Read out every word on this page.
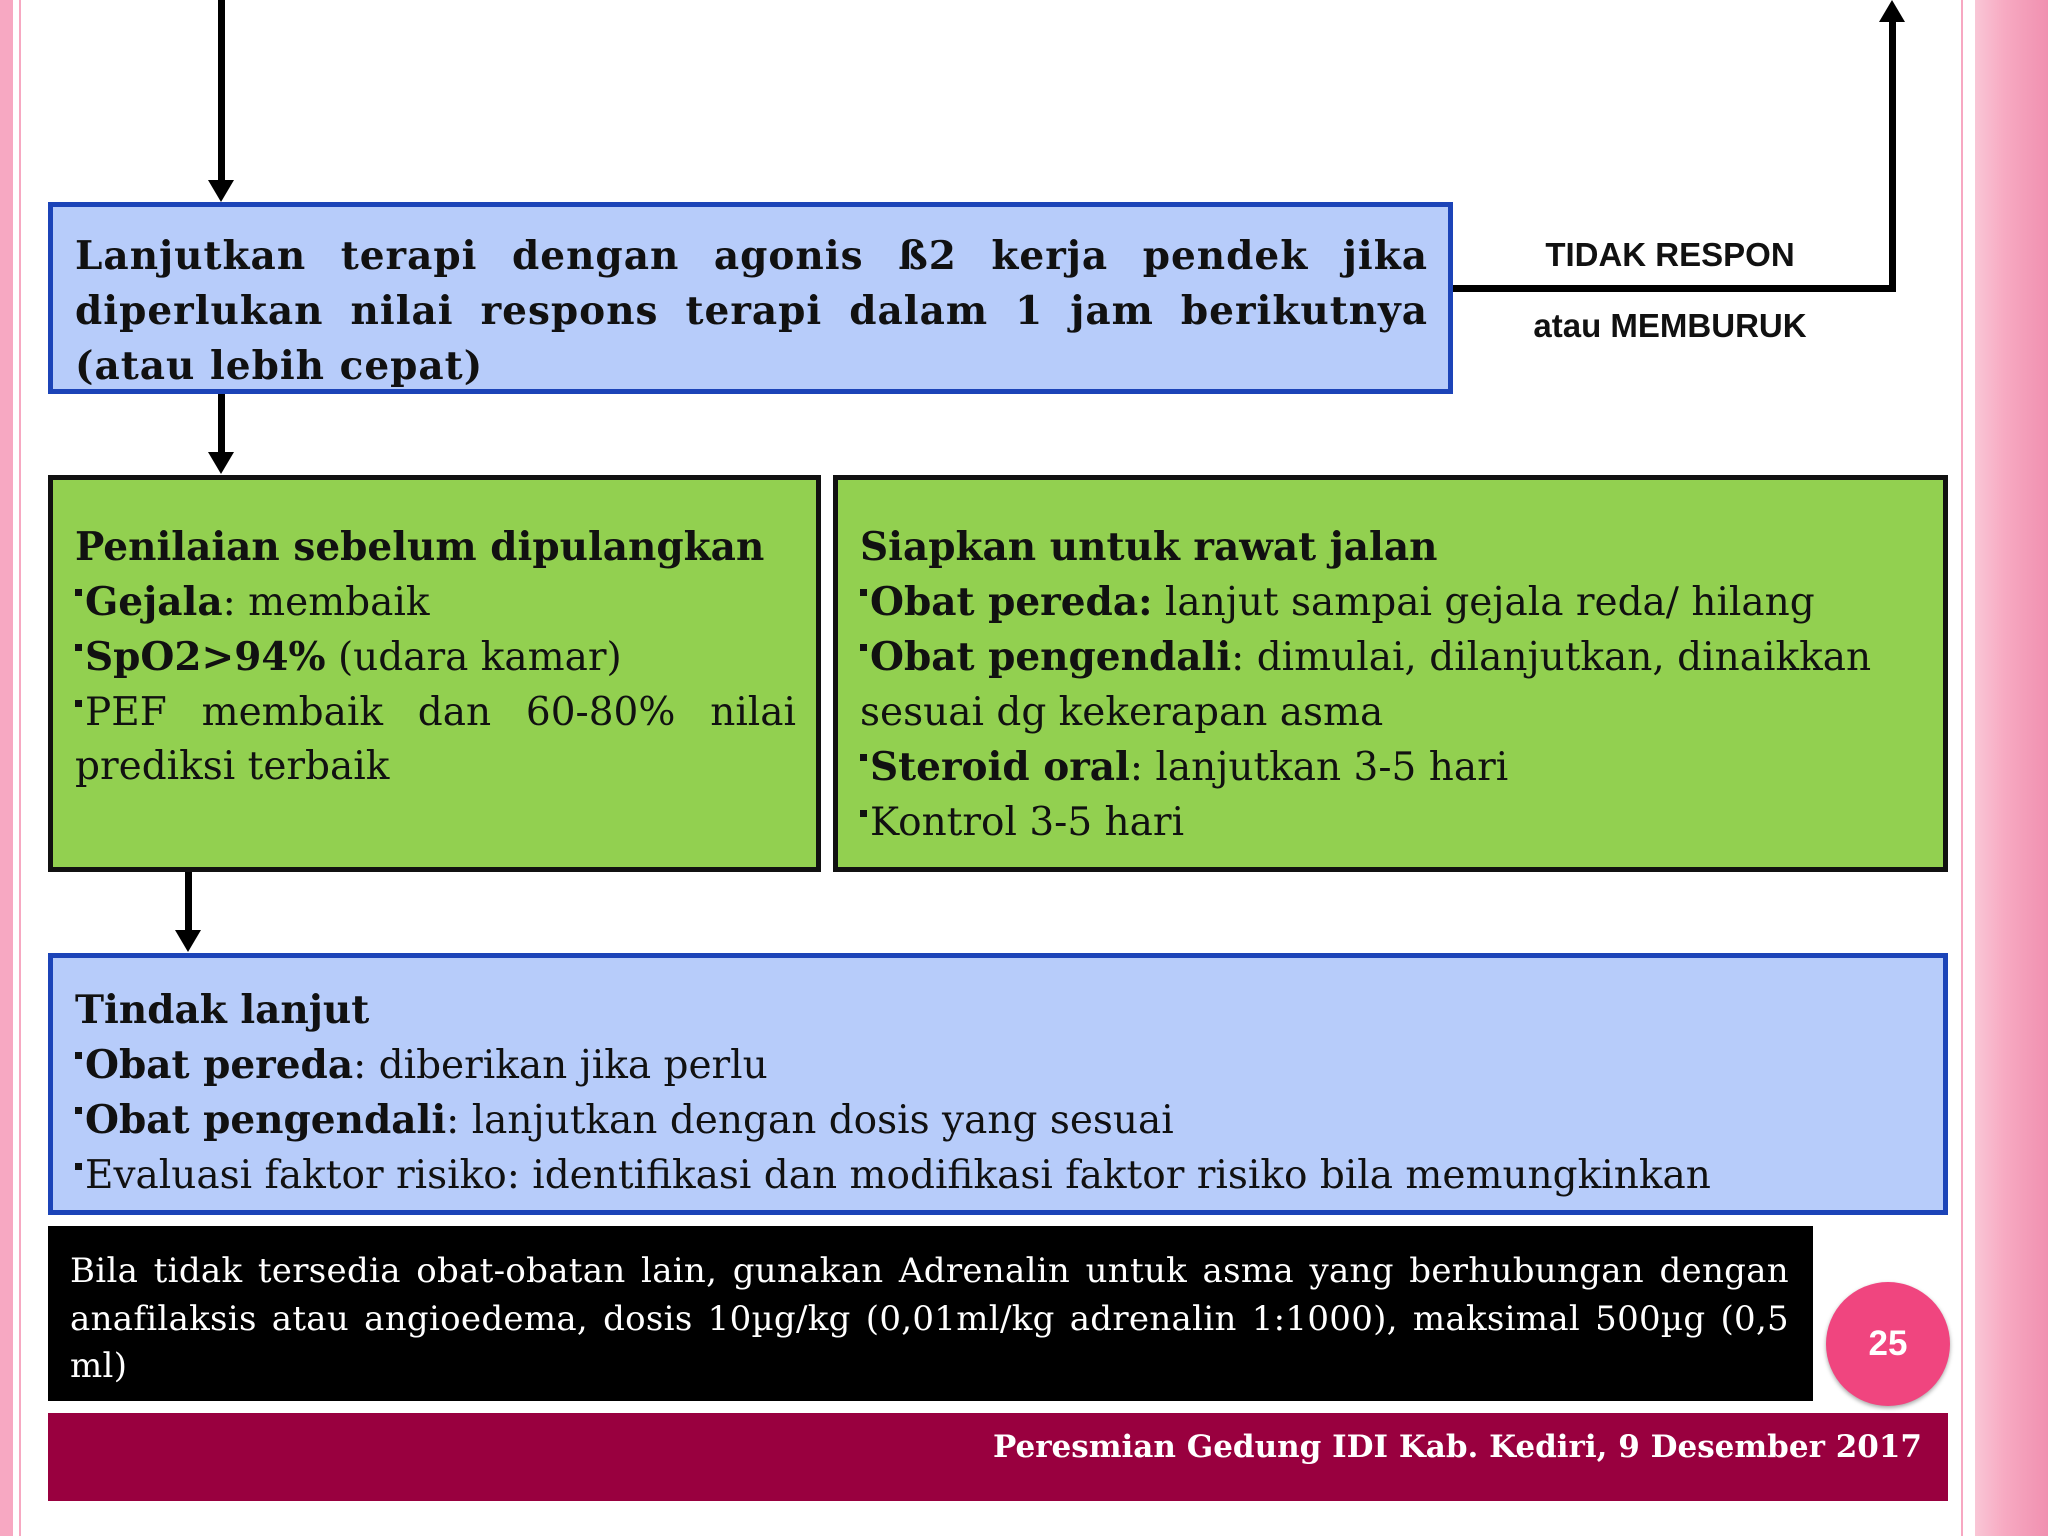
Lanjutkan terapi dengan agonis ß2 kerja pendek jika diperlukan nilai respons terapi dalam 1 jam berikutnya (atau lebih cepat)
TIDAK RESPON
atau MEMBURUK
Penilaian sebelum dipulangkan
Gejala: membaik
SpO2>94% (udara kamar)
PEF membaik dan 60-80% nilai
prediksi terbaik
Siapkan untuk rawat jalan
Obat pereda: lanjut sampai gejala reda/ hilang
Obat pengendali: dimulai, dilanjutkan, dinaikkan
sesuai dg kekerapan asma
Steroid oral: lanjutkan 3-5 hari
Kontrol 3-5 hari
Tindak lanjut
Obat pereda: diberikan jika perlu
Obat pengendali: lanjutkan dengan dosis yang sesuai
Evaluasi faktor risiko: identifikasi dan modifikasi faktor risiko bila memungkinkan
Bila tidak tersedia obat-obatan lain, gunakan Adrenalin untuk asma yang berhubungan dengan anafilaksis atau angioedema, dosis 10µg/kg (0,01ml/kg adrenalin 1:1000), maksimal 500µg (0,5 ml)
25
Peresmian Gedung IDI Kab. Kediri, 9 Desember 2017
